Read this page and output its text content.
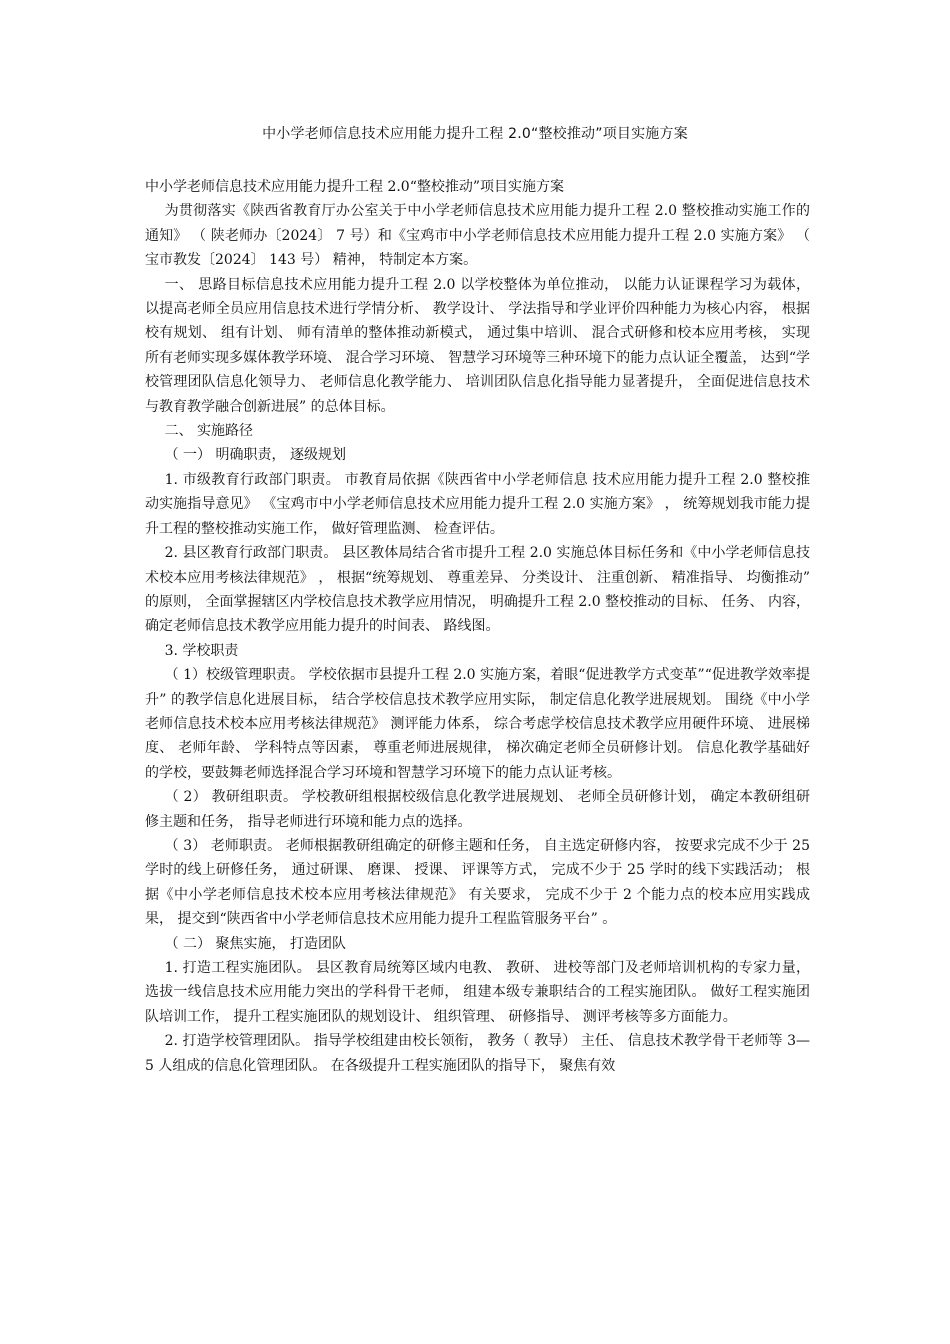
中小学老师信息技术应用能力提升工程 2.0“整校推动”项目实施方案

中小学老师信息技术应用能力提升工程 2.0“整校推动”项目实施方案

为贯彻落实《陕西省教育厅办公室关于中小学老师信息技术应用能力提升工程 2.0 整校推动实施工作的通知》 （ 陕老师办〔2024〕 7 号）和《宝鸡市中小学老师信息技术应用能力提升工程 2.0 实施方案》 （ 宝市教发〔2024〕 143 号） 精神， 特制定本方案。

一、 思路目标信息技术应用能力提升工程 2.0 以学校整体为单位推动， 以能力认证课程学习为载体， 以提高老师全员应用信息技术进行学情分析、 教学设计、 学法指导和学业评价四种能力为核心内容， 根据校有规划、 组有计划、 师有清单的整体推动新模式， 通过集中培训、 混合式研修和校本应用考核， 实现所有老师实现多媒体教学环境、 混合学习环境、 智慧学习环境等三种环境下的能力点认证全覆盖， 达到“学校管理团队信息化领导力、 老师信息化教学能力、 培训团队信息化指导能力显著提升， 全面促进信息技术与教育教学融合创新进展” 的总体目标。

二、 实施路径

（ 一） 明确职责， 逐级规划

1. 市级教育行政部门职责。 市教育局依据《陕西省中小学老师信息 技术应用能力提升工程 2.0 整校推动实施指导意见》 《宝鸡市中小学老师信息技术应用能力提升工程 2.0 实施方案》 ， 统筹规划我市能力提升工程的整校推动实施工作， 做好管理监测、 检查评估。

2. 县区教育行政部门职责。 县区教体局结合省市提升工程 2.0 实施总体目标任务和《中小学老师信息技术校本应用考核法律规范》 ， 根据“统筹规划、 尊重差异、 分类设计、 注重创新、 精准指导、 均衡推动” 的原则， 全面掌握辖区内学校信息技术教学应用情况， 明确提升工程 2.0 整校推动的目标、 任务、 内容， 确定老师信息技术教学应用能力提升的时间表、 路线图。

3. 学校职责

（ 1）校级管理职责。 学校依据市县提升工程 2.0 实施方案，着眼“促进教学方式变革”“促进教学效率提升” 的教学信息化进展目标， 结合学校信息技术教学应用实际， 制定信息化教学进展规划。 围绕《中小学老师信息技术校本应用考核法律规范》 测评能力体系， 综合考虑学校信息技术教学应用硬件环境、 进展梯度、 老师年龄、 学科特点等因素， 尊重老师进展规律， 梯次确定老师全员研修计划。 信息化教学基础好的学校，要鼓舞老师选择混合学习环境和智慧学习环境下的能力点认证考核。

（ 2） 教研组职责。 学校教研组根据校级信息化教学进展规划、 老师全员研修计划， 确定本教研组研修主题和任务， 指导老师进行环境和能力点的选择。

（ 3） 老师职责。 老师根据教研组确定的研修主题和任务， 自主选定研修内容， 按要求完成不少于 25 学时的线上研修任务， 通过研课、 磨课、 授课、 评课等方式， 完成不少于 25 学时的线下实践活动； 根据《中小学老师信息技术校本应用考核法律规范》 有关要求， 完成不少于 2 个能力点的校本应用实践成果， 提交到“陕西省中小学老师信息技术应用能力提升工程监管服务平台” 。

（ 二） 聚焦实施， 打造团队

1. 打造工程实施团队。 县区教育局统筹区域内电教、 教研、 进校等部门及老师培训机构的专家力量， 选拔一线信息技术应用能力突出的学科骨干老师， 组建本级专兼职结合的工程实施团队。 做好工程实施团队培训工作， 提升工程实施团队的规划设计、 组织管理、 研修指导、 测评考核等多方面能力。

2. 打造学校管理团队。 指导学校组建由校长领衔， 教务（ 教导） 主任、 信息技术教学骨干老师等 3—5 人组成的信息化管理团队。 在各级提升工程实施团队的指导下， 聚焦有效
